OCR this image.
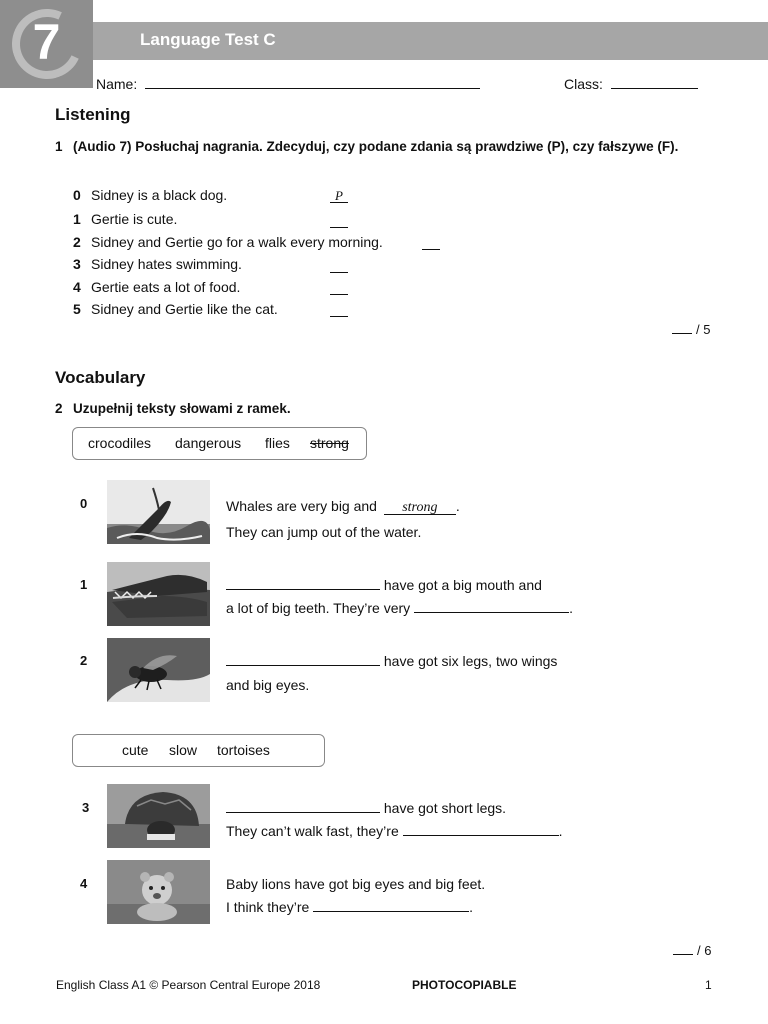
7	Language Test C
Name:	Class:
Listening
1 (Audio 7) Posłuchaj nagrania. Zdecyduj, czy podane zdania są prawdziwe (P), czy fałszywe (F).
0 Sidney is a black dog.	P
1 Gertie is cute.
2 Sidney and Gertie go for a walk every morning.
3 Sidney hates swimming.
4 Gertie eats a lot of food.
5 Sidney and Gertie like the cat.
/ 5
Vocabulary
2 Uzupełnij teksty słowami z ramek.
crocodiles dangerous flies strong
0	Whales are very big and strong .
They can jump out of the water.
1	have got a big mouth and
a lot of big teeth. They’re very	.
2	have got six legs, two wings
and big eyes.
cute slow tortoises
3	have got short legs.
They can’t walk fast, they’re	.
4	Baby lions have got big eyes and big feet.
I think they’re	.
/ 6
English Class A1 © Pearson Central Europe 2018	PHOTOCOPIABLE	1
